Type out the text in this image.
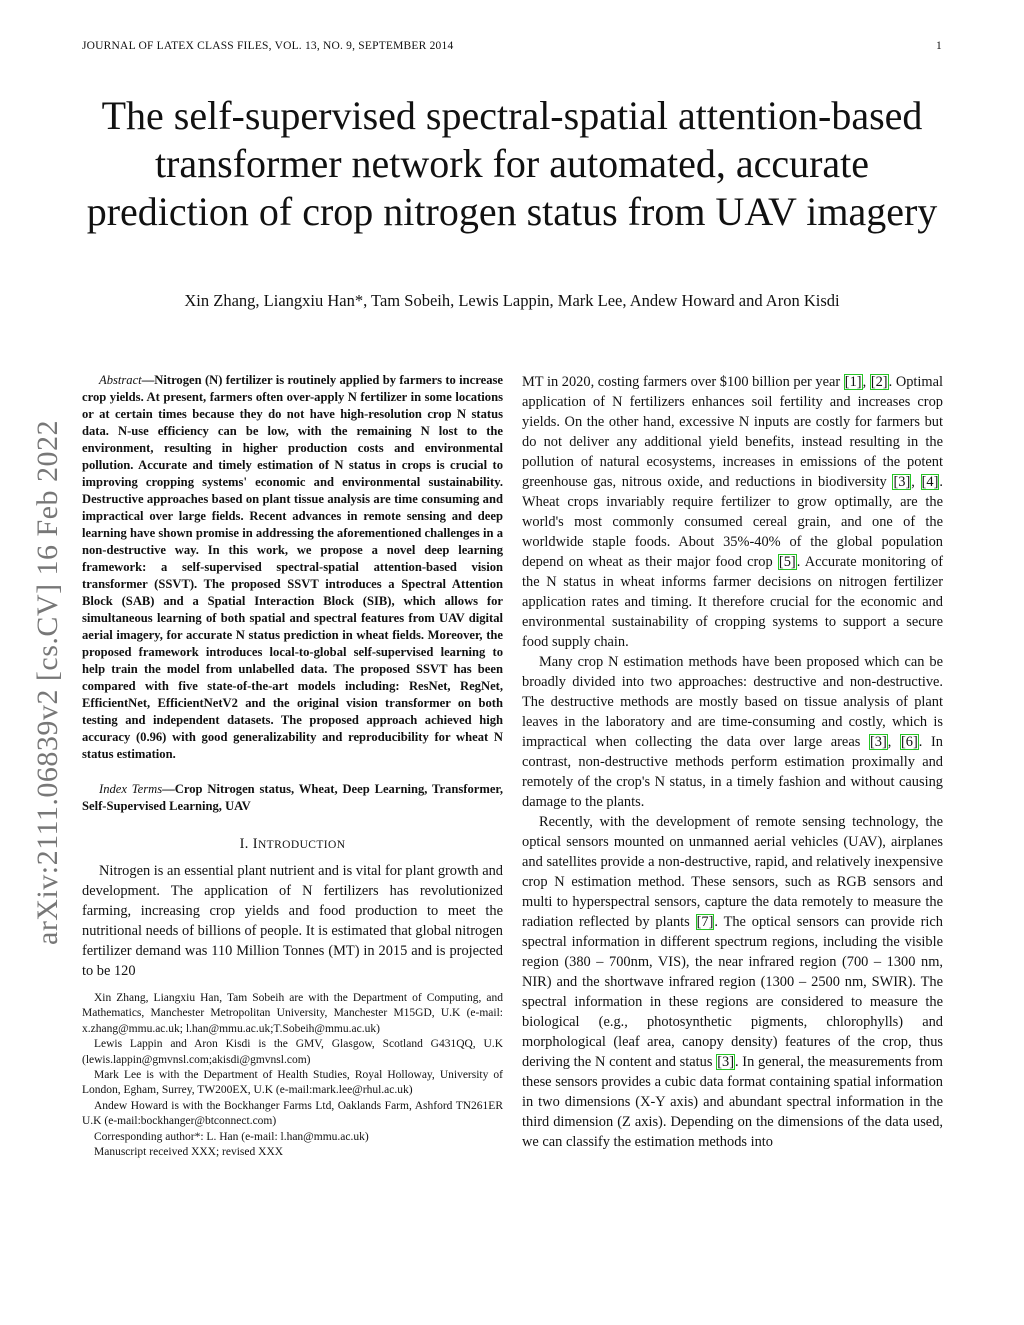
JOURNAL OF LATEX CLASS FILES, VOL. 13, NO. 9, SEPTEMBER 2014	1
The self-supervised spectral-spatial attention-based transformer network for automated, accurate prediction of crop nitrogen status from UAV imagery
Xin Zhang, Liangxiu Han*, Tam Sobeih, Lewis Lappin, Mark Lee, Andew Howard and Aron Kisdi
arXiv:2111.06839v2 [cs.CV] 16 Feb 2022

Abstract—Nitrogen (N) fertilizer is routinely applied by farmers to increase crop yields. At present, farmers often over-apply N fertilizer in some locations or at certain times because they do not have high-resolution crop N status data. N-use efficiency can be low, with the remaining N lost to the environment, resulting in higher production costs and environmental pollution. Accurate and timely estimation of N status in crops is crucial to improving cropping systems' economic and environmental sustainability. Destructive approaches based on plant tissue analysis are time consuming and impractical over large fields. Recent advances in remote sensing and deep learning have shown promise in addressing the aforementioned challenges in a non-destructive way. In this work, we propose a novel deep learning framework: a self-supervised spectral-spatial attention-based vision transformer (SSVT). The proposed SSVT introduces a Spectral Attention Block (SAB) and a Spatial Interaction Block (SIB), which allows for simultaneous learning of both spatial and spectral features from UAV digital aerial imagery, for accurate N status prediction in wheat fields. Moreover, the proposed framework introduces local-to-global self-supervised learning to help train the model from unlabelled data. The proposed SSVT has been compared with five state-of-the-art models including: ResNet, RegNet, EfficientNet, EfficientNetV2 and the original vision transformer on both testing and independent datasets. The proposed approach achieved high accuracy (0.96) with good generalizability and reproducibility for wheat N status estimation.

Index Terms—Crop Nitrogen status, Wheat, Deep Learning, Transformer, Self-Supervised Learning, UAV

I. INTRODUCTION

Nitrogen is an essential plant nutrient and is vital for plant growth and development. The application of N fertilizers has revolutionized farming, increasing crop yields and food production to meet the nutritional needs of billions of people. It is estimated that global nitrogen fertilizer demand was 110 Million Tonnes (MT) in 2015 and is projected to be 120

Xin Zhang, Liangxiu Han, Tam Sobeih are with the Department of Computing, and Mathematics, Manchester Metropolitan University, Manchester M15GD, U.K (e-mail: x.zhang@mmu.ac.uk; l.han@mmu.ac.uk;T.Sobeih@mmu.ac.uk)

Lewis Lappin and Aron Kisdi is the GMV, Glasgow, Scotland G431QQ, U.K (lewis.lappin@gmvnsl.com;akisdi@gmvnsl.com)

Mark Lee is with the Department of Health Studies, Royal Holloway, University of London, Egham, Surrey, TW200EX, U.K (e-mail:mark.lee@rhul.ac.uk)

Andew Howard is with the Bockhanger Farms Ltd, Oaklands Farm, Ashford TN261ER U.K (e-mail:bockhanger@btconnect.com)

Corresponding author*: L. Han (e-mail: l.han@mmu.ac.uk)

Manuscript received XXX; revised XXX

MT in 2020, costing farmers over $100 billion per year [1], [2]. Optimal application of N fertilizers enhances soil fertility and increases crop yields. On the other hand, excessive N inputs are costly for farmers but do not deliver any additional yield benefits, instead resulting in the pollution of natural ecosystems, increases in emissions of the potent greenhouse gas, nitrous oxide, and reductions in biodiversity [3], [4]. Wheat crops invariably require fertilizer to grow optimally, are the world's most commonly consumed cereal grain, and one of the worldwide staple foods. About 35%-40% of the global population depend on wheat as their major food crop [5]. Accurate monitoring of the N status in wheat informs farmer decisions on nitrogen fertilizer application rates and timing. It therefore crucial for the economic and environmental sustainability of cropping systems to support a secure food supply chain.

Many crop N estimation methods have been proposed which can be broadly divided into two approaches: destructive and non-destructive. The destructive methods are mostly based on tissue analysis of plant leaves in the laboratory and are time-consuming and costly, which is impractical when collecting the data over large areas [3], [6]. In contrast, non-destructive methods perform estimation proximally and remotely of the crop's N status, in a timely fashion and without causing damage to the plants.

Recently, with the development of remote sensing technology, the optical sensors mounted on unmanned aerial vehicles (UAV), airplanes and satellites provide a non-destructive, rapid, and relatively inexpensive crop N estimation method. These sensors, such as RGB sensors and multi to hyperspectral sensors, capture the data remotely to measure the radiation reflected by plants [7]. The optical sensors can provide rich spectral information in different spectrum regions, including the visible region (380 – 700nm, VIS), the near infrared region (700 – 1300 nm, NIR) and the shortwave infrared region (1300 – 2500 nm, SWIR). The spectral information in these regions are considered to measure the biological (e.g., photosynthetic pigments, chlorophylls) and morphological (leaf area, canopy density) features of the crop, thus deriving the N content and status [3]. In general, the measurements from these sensors provides a cubic data format containing spatial information in two dimensions (X-Y axis) and abundant spectral information in the third dimension (Z axis). Depending on the dimensions of the data used, we can classify the estimation methods into
